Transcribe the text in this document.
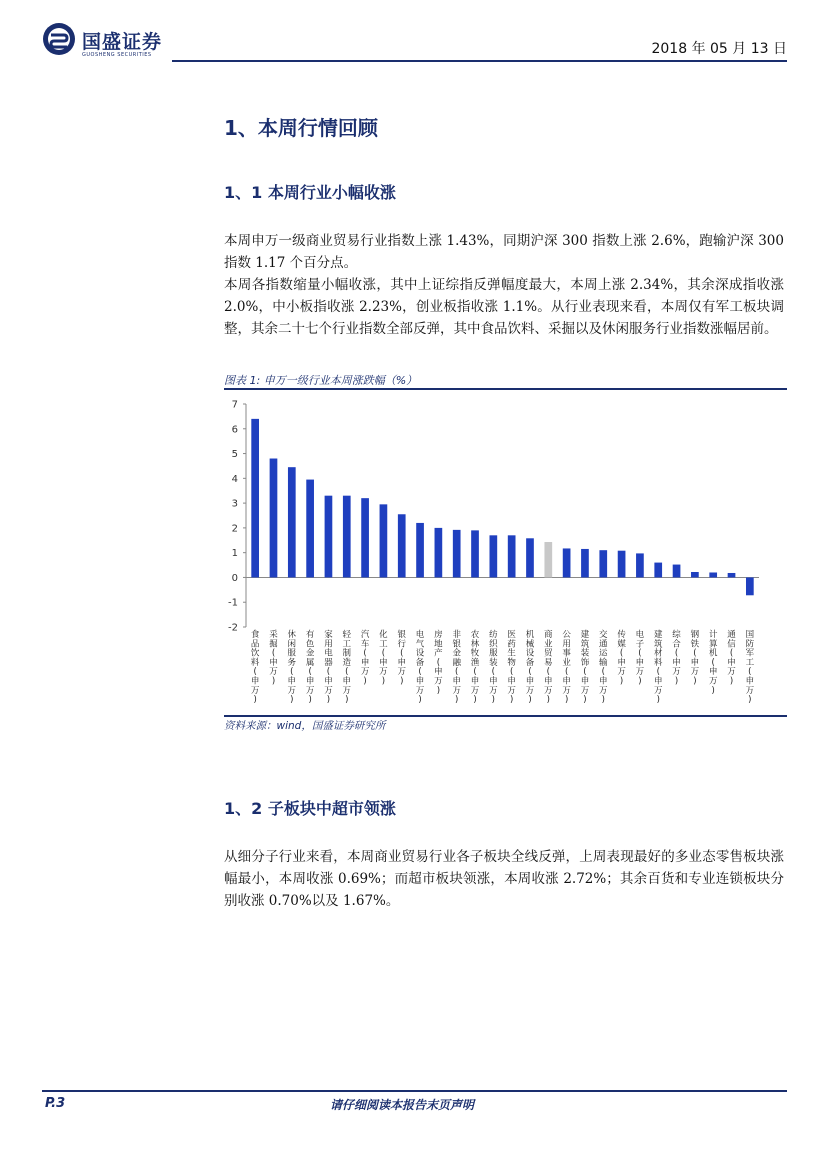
国盛证券
GUOSHENG SECURITIES	2018 年 05 月 13 日
1、本周行情回顾
1、1 本周行业小幅收涨

本周申万一级商业贸易行业指数上涨 1.43%，同期沪深 300 指数上涨 2.6%，跑输沪深 300 指数 1.17 个百分点。

本周各指数缩量小幅收涨，其中上证综指反弹幅度最大，本周上涨 2.34%，其余深成指收涨 2.0%，中小板指收涨 2.23%，创业板指收涨 1.1%。从行业表现来看，本周仅有军工板块调整，其余二十七个行业指数全部反弹，其中食品饮料、采掘以及休闲服务行业指数涨幅居前。

图表 1: 申万一级行业本周涨跌幅（%）
-2
-1
0
1
2
3
4
5
6
7
食品饮料(申万)
采掘(申万)
休闲服务(申万)
有色金属(申万)
家用电器(申万)
轻工制造(申万)
汽车(申万)
化工(申万)
银行(申万)
电气设备(申万)
房地产(申万)
非银金融(申万)
农林牧渔(申万)
纺织服装(申万)
医药生物(申万)
机械设备(申万)
商业贸易(申万)
公用事业(申万)
建筑装饰(申万)
交通运输(申万)
传媒(申万)
电子(申万)
建筑材料(申万)
综合(申万)
钢铁(申万)
计算机(申万)
通信(申万)
国防军工(申万)
资料来源：wind，国盛证券研究所
1、2 子板块中超市领涨

从细分子行业来看，本周商业贸易行业各子板块全线反弹，上周表现最好的多业态零售板块涨幅最小，本周收涨 0.69%；而超市板块领涨，本周收涨 2.72%；其余百货和专业连锁板块分别收涨 0.70%以及 1.67%。

P.3	请仔细阅读本报告末页声明
